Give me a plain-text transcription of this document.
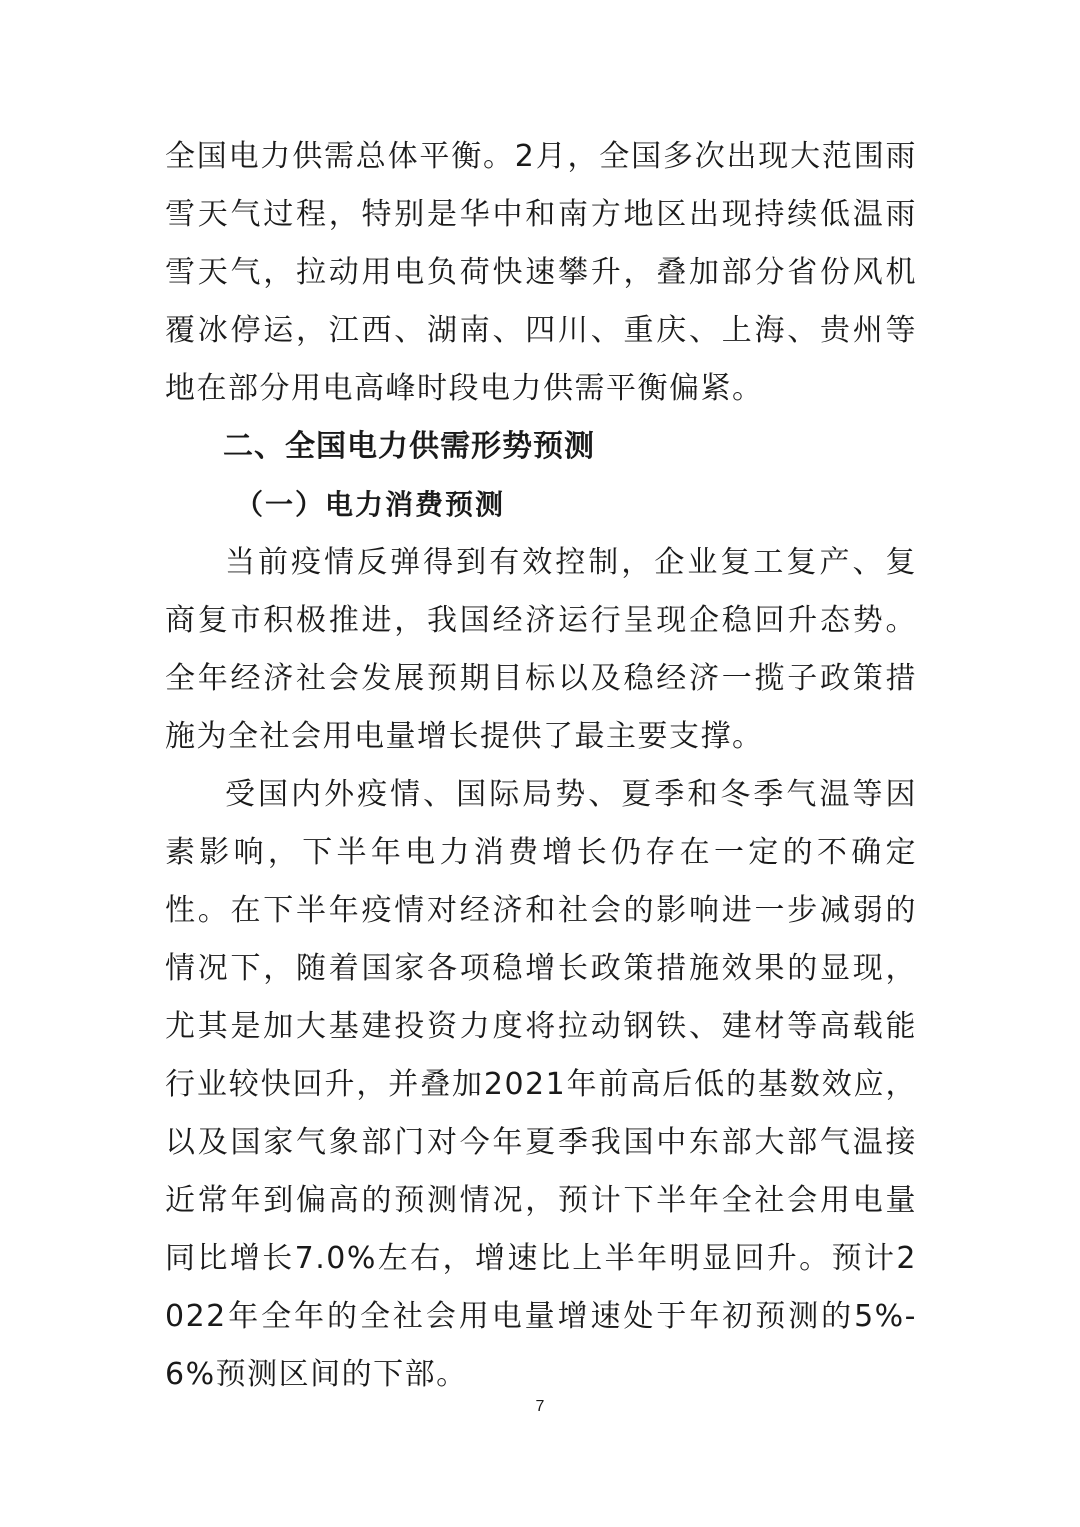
全国电力供需总体平衡。2月，全国多次出现大范围雨雪天气过程，特别是华中和南方地区出现持续低温雨雪天气，拉动用电负荷快速攀升，叠加部分省份风机覆冰停运，江西、湖南、四川、重庆、上海、贵州等地在部分用电高峰时段电力供需平衡偏紧。

二、全国电力供需形势预测
（一）电力消费预测

当前疫情反弹得到有效控制，企业复工复产、复商复市积极推进，我国经济运行呈现企稳回升态势。全年经济社会发展预期目标以及稳经济一揽子政策措施为全社会用电量增长提供了最主要支撑。

受国内外疫情、国际局势、夏季和冬季气温等因素影响，下半年电力消费增长仍存在一定的不确定性。在下半年疫情对经济和社会的影响进一步减弱的情况下，随着国家各项稳增长政策措施效果的显现，尤其是加大基建投资力度将拉动钢铁、建材等高载能行业较快回升，并叠加2021年前高后低的基数效应，以及国家气象部门对今年夏季我国中东部大部气温接近常年到偏高的预测情况，预计下半年全社会用电量同比增长7.0%左右，增速比上半年明显回升。预计2022年全年的全社会用电量增速处于年初预测的5%-6%预测区间的下部。

7
